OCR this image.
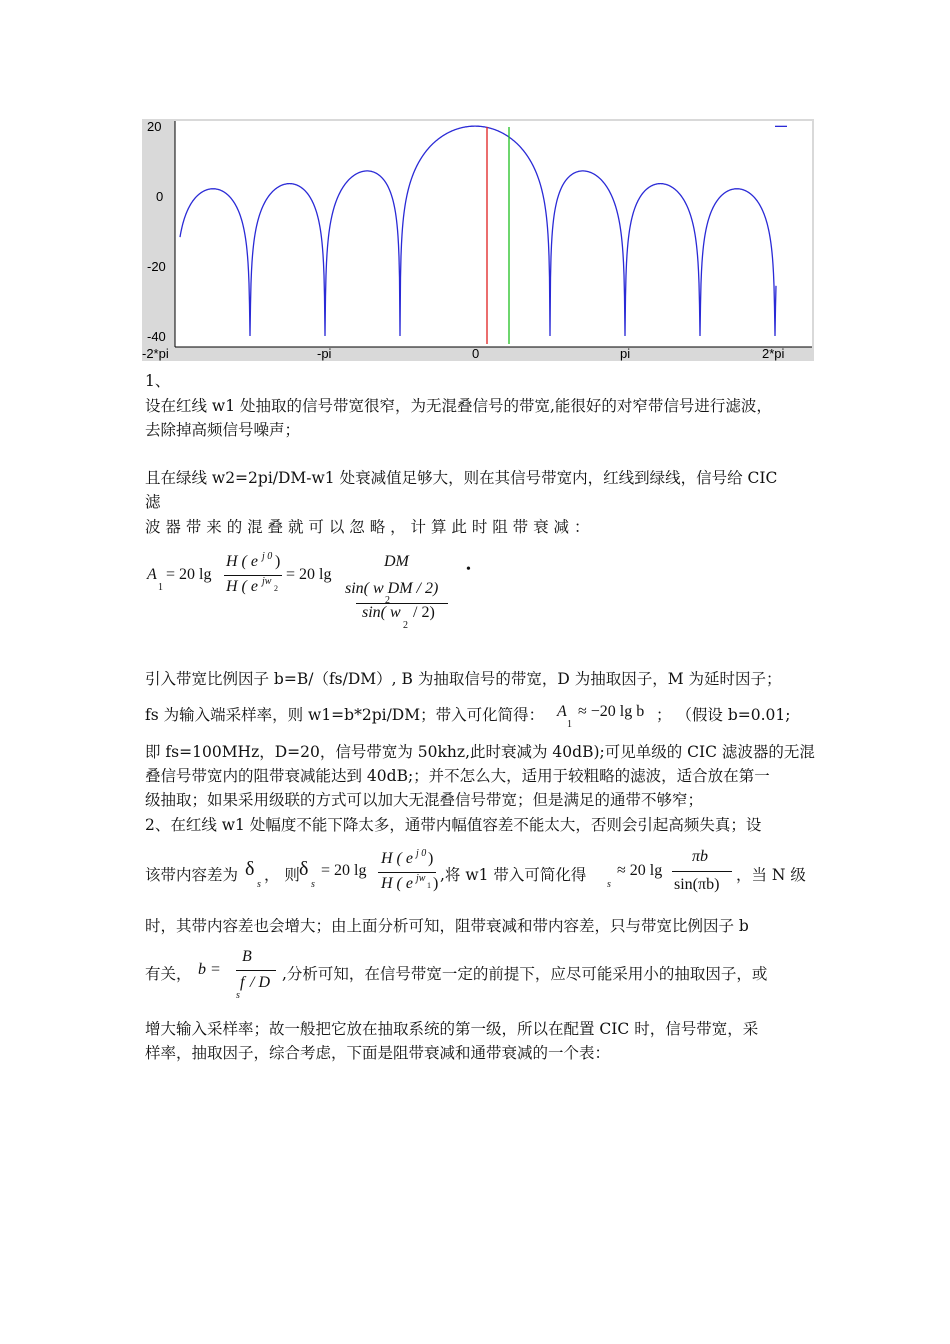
20
0
-20
-40
-2*pi	-pi	0	pi	2*pi
1、
设在红线 w1 处抽取的信号带宽很窄，为无混叠信号的带宽,能很好的对窄带信号进行滤波，
去除掉高频信号噪声；
且在绿线 w2=2pi/DM-w1 处衰减值足够大，则在其信号带宽内，红线到绿线，信号给 CIC
滤
波 器 带 来 的 混 叠 就 可 以 忽 略 ， 计 算 此 时 阻 带 衰 减 ：
A
1
= 20 lg
H ( e j 0 )
H ( e jw
2
= 20 lg
DM
sin( w DM / 2)
2
sin( w
2
/ 2)
•
引入带宽比例因子 b=B/（fs/DM）, B 为抽取信号的带宽，D 为抽取因子，M 为延时因子；
fs 为输入端采样率，则 w1=b*2pi/DM；带入可化简得： A
1
≈ −20 lg b ； （假设 b=0.01;
即 fs=100MHz，D=20，信号带宽为 50khz,此时衰减为 40dB);可见单级的 CIC 滤波器的无混
叠信号带宽内的阻带衰减能达到 40dB;；并不怎么大，适用于较粗略的滤波，适合放在第一
级抽取；如果采用级联的方式可以加大无混叠信号带宽；但是满足的通带不够窄；
2、在红线 w1 处幅度不能下降太多，通带内幅值容差不能太大，否则会引起高频失真；设
该带内容差为 δ
s
， 则 δ
s
= 20 lg
H ( e j 0 )
H ( e jw
1 ) ,将 w1 带入可简化得
s
≈ 20 lg
πb
sin(πb)
，当 N 级
时，其带内容差也会增大；由上面分析可知，阻带衰减和带内容差，只与带宽比例因子 b
有关， b =
B
f
s
/ D ,分析可知，在信号带宽一定的前提下，应尽可能采用小的抽取因子，或
增大输入采样率；故一般把它放在抽取系统的第一级，所以在配置 CIC 时，信号带宽，采
样率，抽取因子，综合考虑，下面是阻带衰减和通带衰减的一个表：
